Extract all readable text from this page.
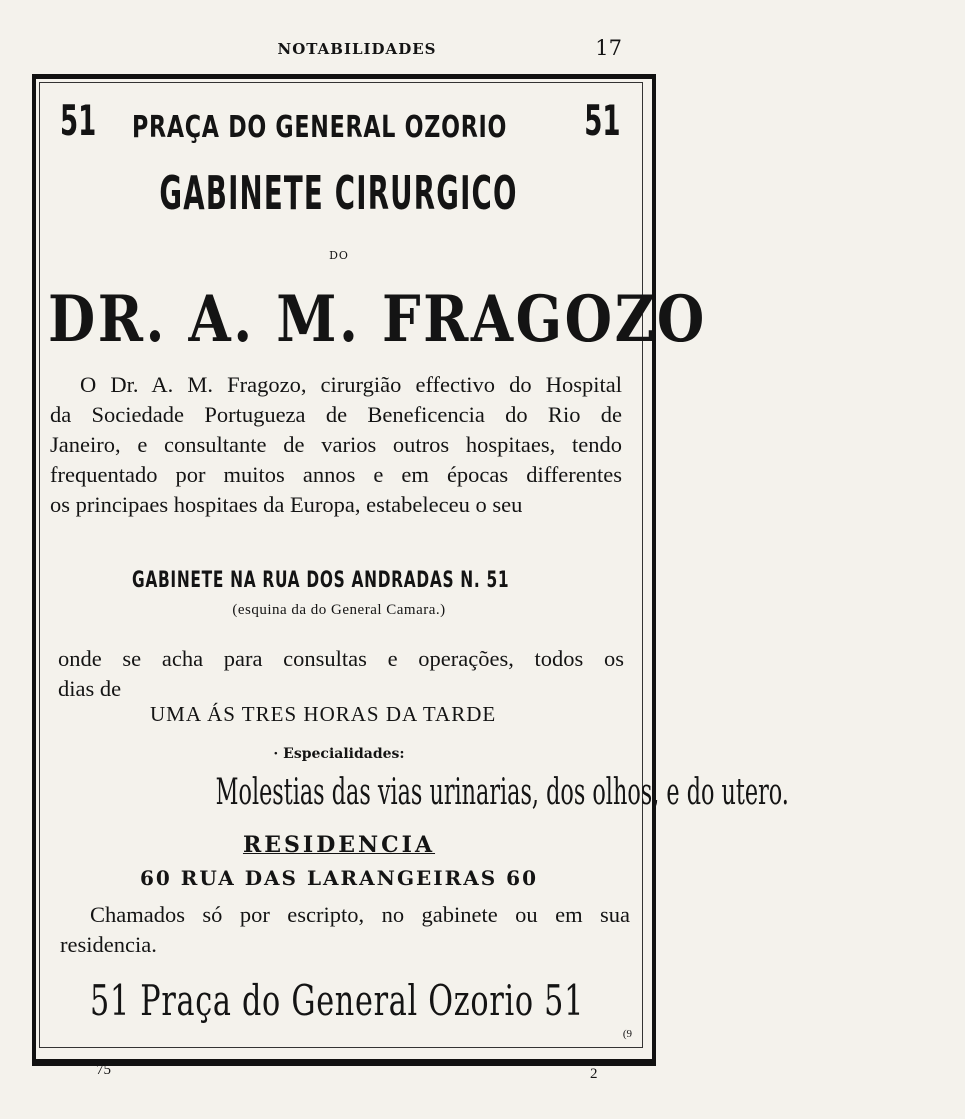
NOTABILIDADES	17
51 PRAÇA DO GENERAL OZORIO 51
GABINETE CIRURGICO
DO
DR. A. M. FRAGOZO
O Dr. A. M. Fragozo, cirurgião effectivo do Hospital
da Sociedade Portugueza de Beneficencia do Rio de
Janeiro, e consultante de varios outros hospitaes, tendo
frequentado por muitos annos e em épocas differentes
os principaes hospitaes da Europa, estabeleceu o seu
GABINETE NA RUA DOS ANDRADAS N. 51
(esquina da do General Camara.)
onde se acha para consultas e operações, todos os
dias de
UMA ÁS TRES HORAS DA TARDE
· Especialidades:
Molestias das vias urinarias, dos olhos, e do utero.
RESIDENCIA
60 RUA DAS LARANGEIRAS 60
Chamados só por escripto, no gabinete ou em sua
residencia.
51 Praça do General Ozorio 51
(9
75	2
